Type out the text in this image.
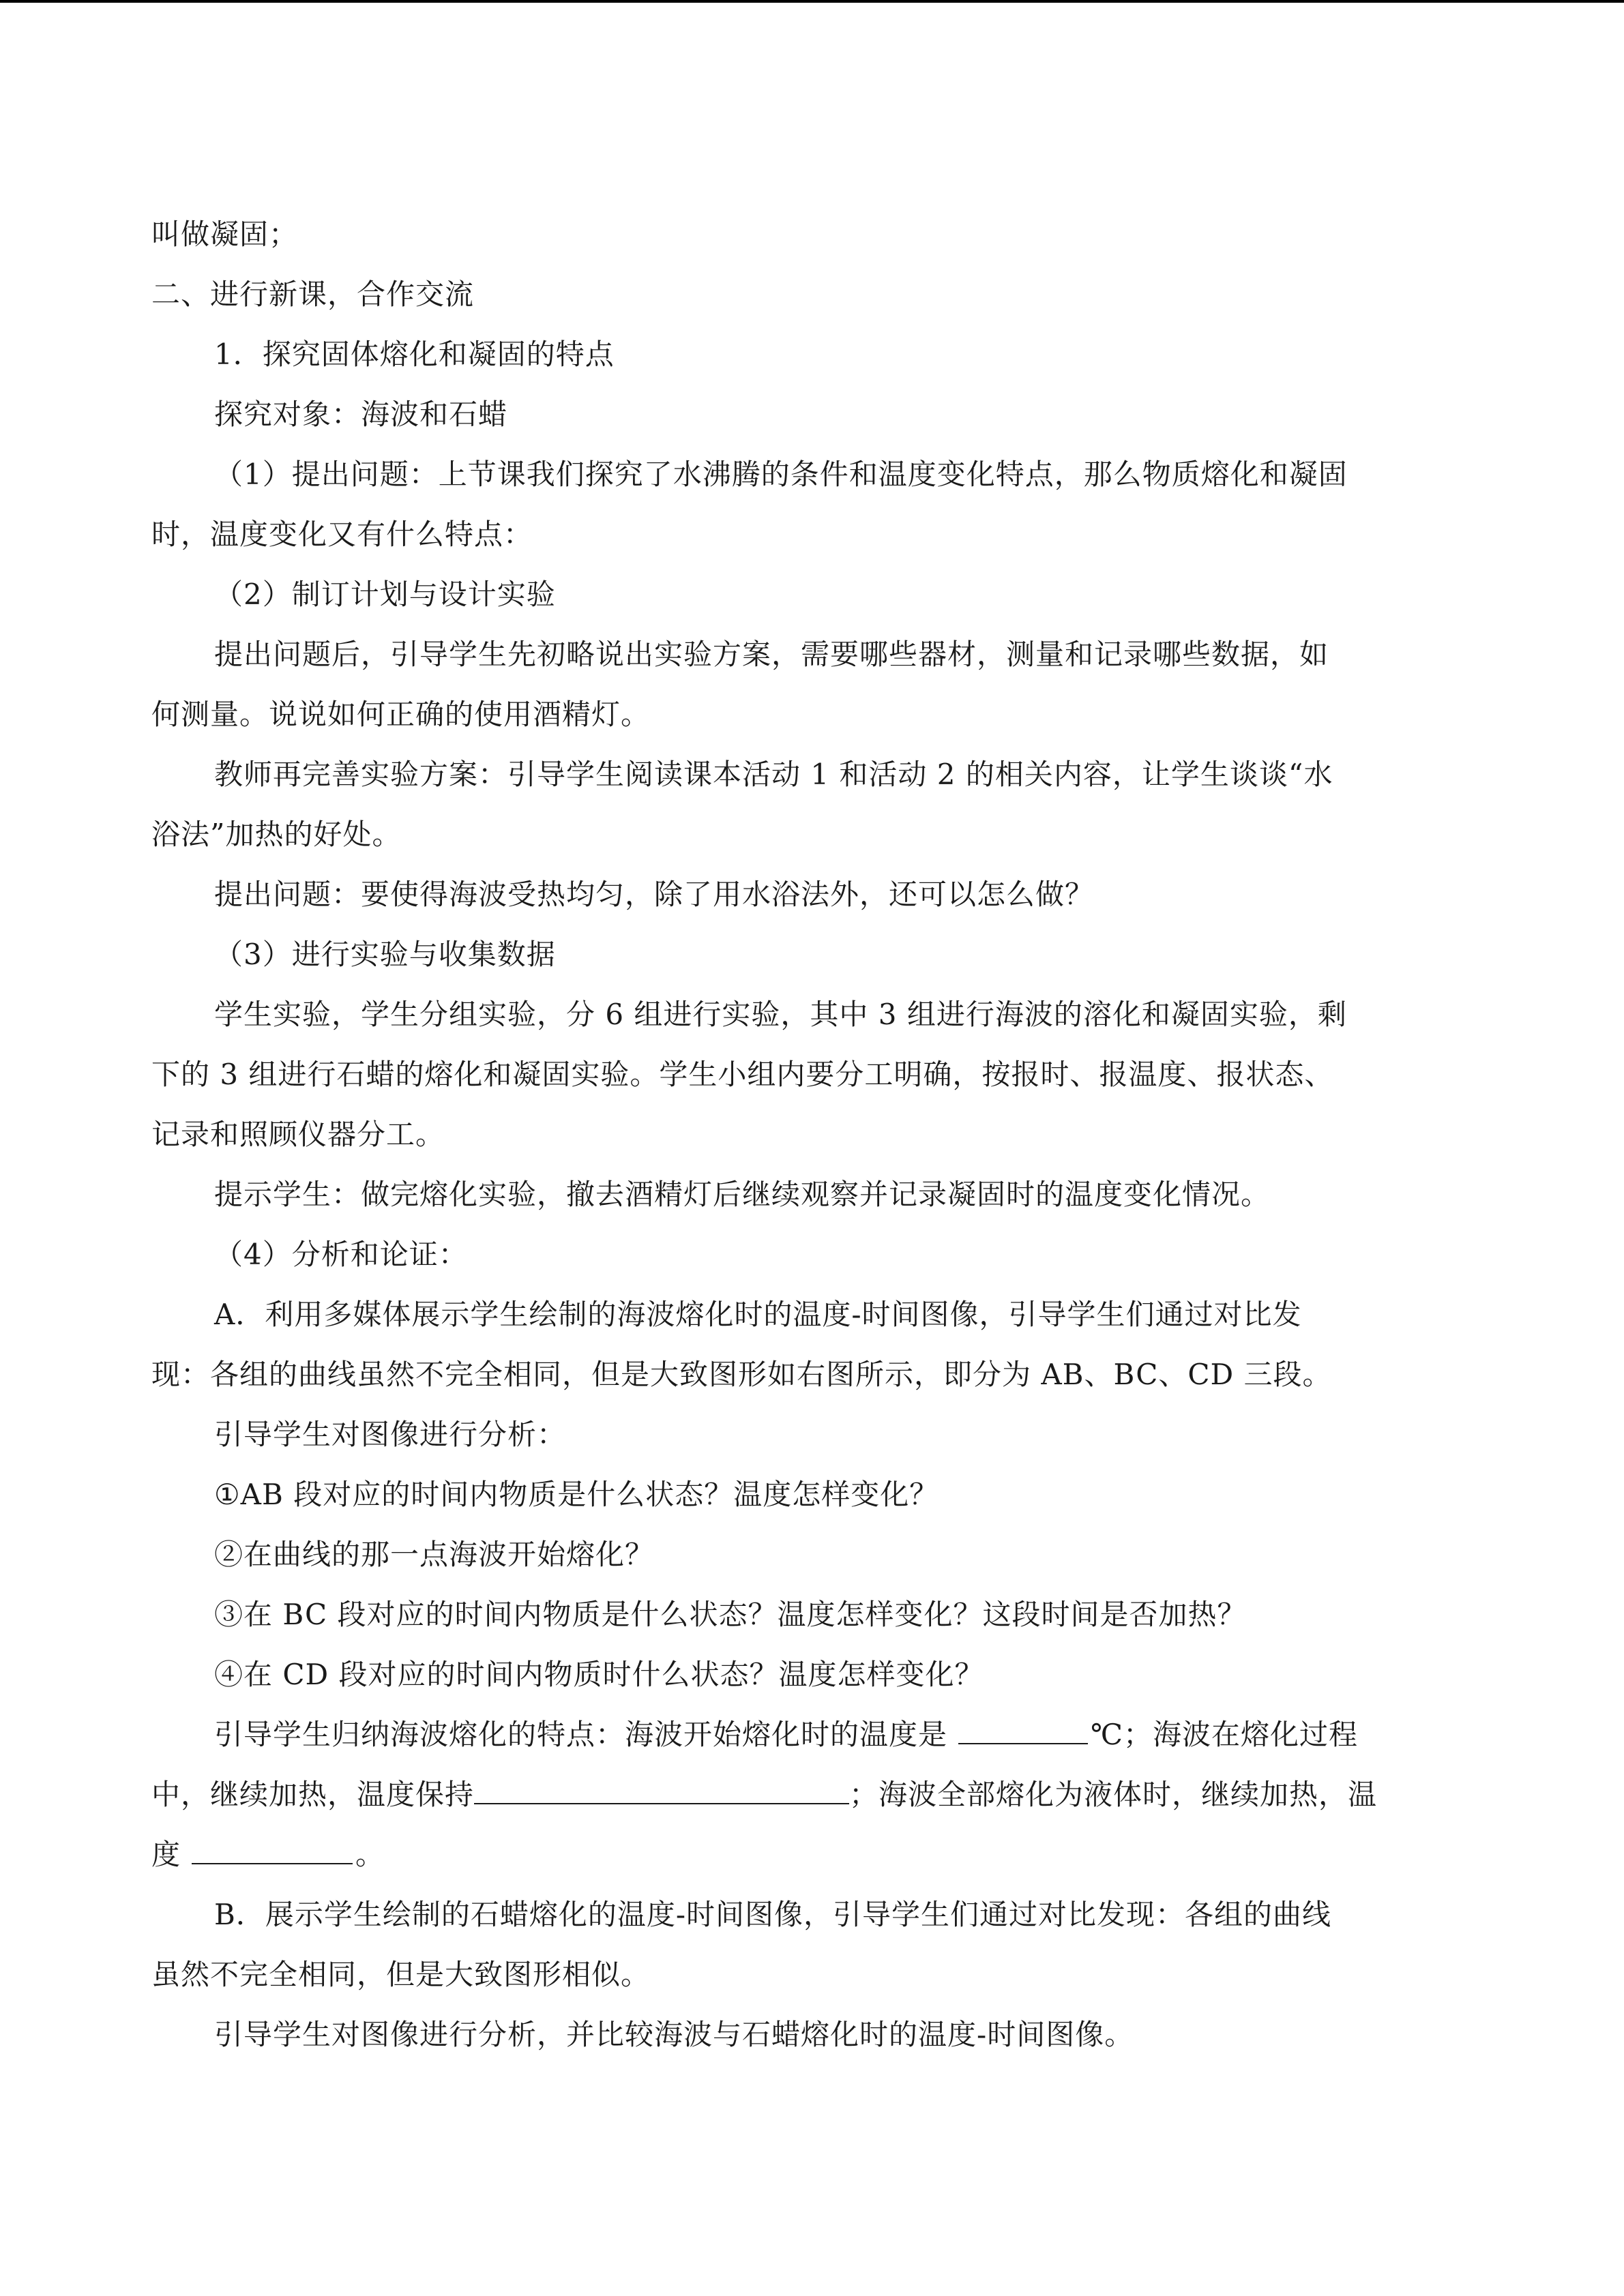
叫做凝固；
二、进行新课，合作交流
1．探究固体熔化和凝固的特点
探究对象：海波和石蜡
（1）提出问题：上节课我们探究了水沸腾的条件和温度变化特点，那么物质熔化和凝固
时，温度变化又有什么特点：
（2）制订计划与设计实验
提出问题后，引导学生先初略说出实验方案，需要哪些器材，测量和记录哪些数据，如
何测量。说说如何正确的使用酒精灯。
教师再完善实验方案：引导学生阅读课本活动 1 和活动 2 的相关内容，让学生谈谈“水
浴法”加热的好处。
提出问题：要使得海波受热均匀，除了用水浴法外，还可以怎么做？
（3）进行实验与收集数据
学生实验，学生分组实验，分 6 组进行实验，其中 3 组进行海波的溶化和凝固实验，剩
下的 3 组进行石蜡的熔化和凝固实验。学生小组内要分工明确，按报时、报温度、报状态、
记录和照顾仪器分工。
提示学生：做完熔化实验，撤去酒精灯后继续观察并记录凝固时的温度变化情况。
（4）分析和论证：
A．利用多媒体展示学生绘制的海波熔化时的温度-时间图像，引导学生们通过对比发
现：各组的曲线虽然不完全相同，但是大致图形如右图所示，即分为 AB、BC、CD 三段。
引导学生对图像进行分析：
①AB 段对应的时间内物质是什么状态？温度怎样变化？
②在曲线的那一点海波开始熔化？
③在 BC 段对应的时间内物质是什么状态？温度怎样变化？这段时间是否加热？
④在 CD 段对应的时间内物质时什么状态？温度怎样变化？
引导学生归纳海波熔化的特点：海波开始熔化时的温度是	℃；海波在熔化过程
中，继续加热，温度保持	；海波全部熔化为液体时，继续加热，温
度	。
B．展示学生绘制的石蜡熔化的温度-时间图像，引导学生们通过对比发现：各组的曲线
虽然不完全相同，但是大致图形相似。
引导学生对图像进行分析，并比较海波与石蜡熔化时的温度-时间图像。
